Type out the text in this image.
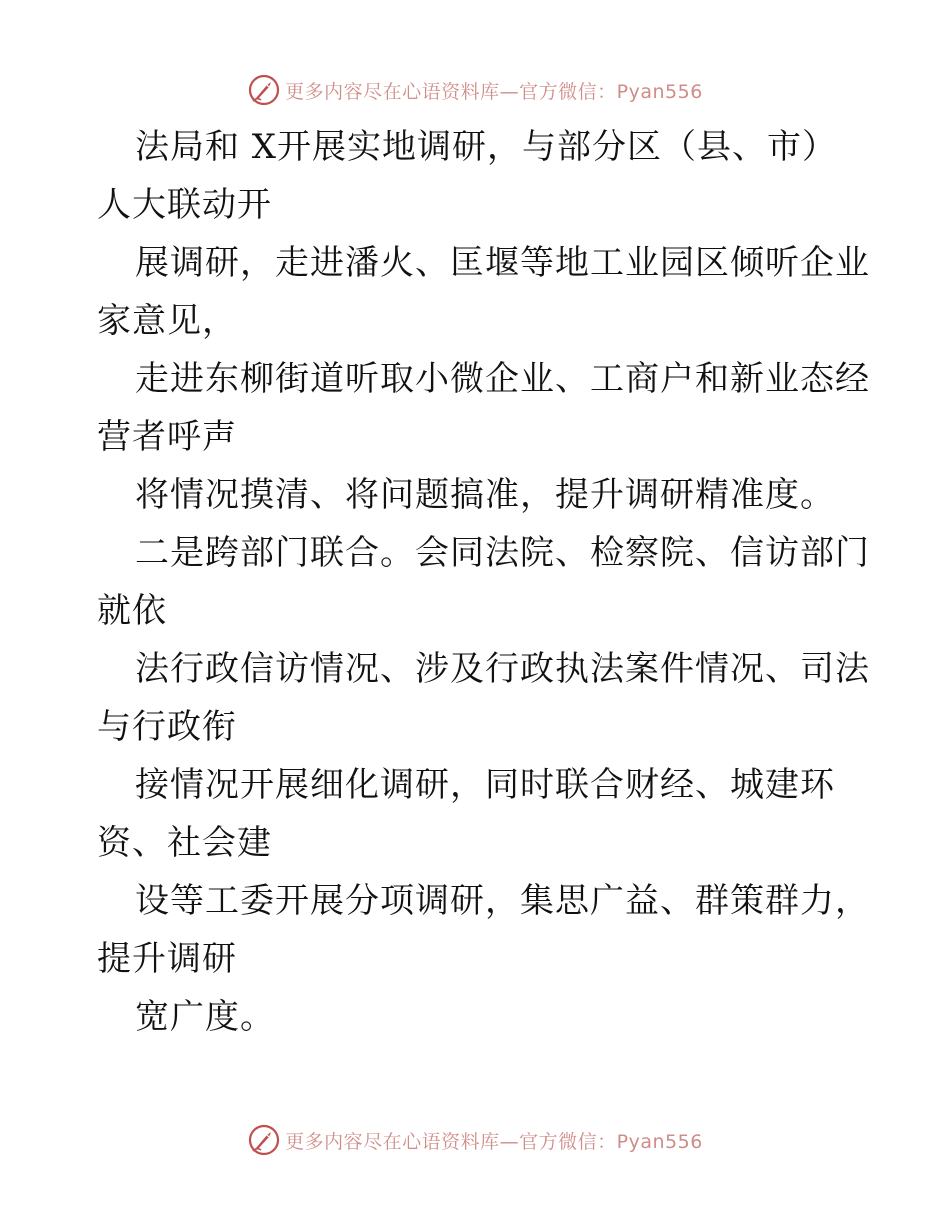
更多内容尽在心语资料库—官方微信：Pyan556
法局和 X开展实地调研，与部分区（县、市）
人大联动开
展调研，走进潘火、匡堰等地工业园区倾听企业
家意见，
走进东柳街道听取小微企业、工商户和新业态经
营者呼声
将情况摸清、将问题搞准，提升调研精准度。
二是跨部门联合。会同法院、检察院、信访部门
就依
法行政信访情况、涉及行政执法案件情况、司法
与行政衔
接情况开展细化调研，同时联合财经、城建环
资、社会建
设等工委开展分项调研，集思广益、群策群力，
提升调研
宽广度。
更多内容尽在心语资料库—官方微信：Pyan556
